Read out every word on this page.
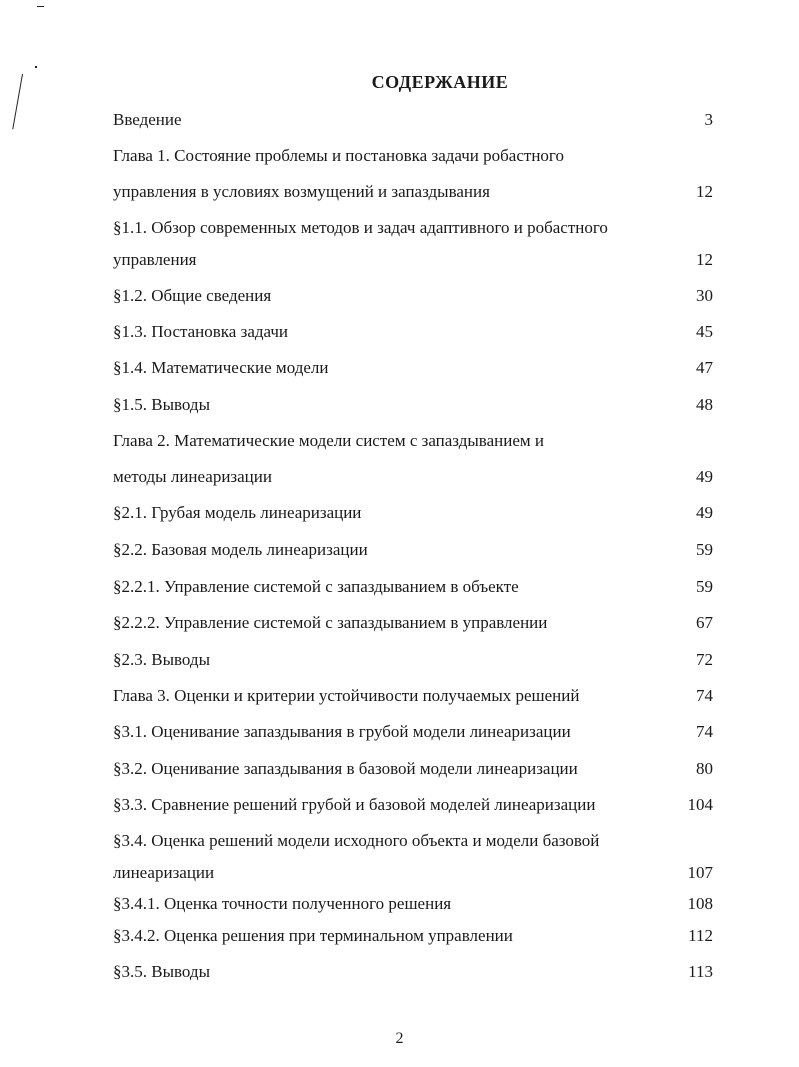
СОДЕРЖАНИЕ
Введение	3
Глава 1. Состояние проблемы и постановка задачи робастного
управления в условиях возмущений и запаздывания	12
§1.1. Обзор современных методов и задач адаптивного и робастного
управления	12
§1.2. Общие сведения	30
§1.3. Постановка задачи	45
§1.4. Математические модели	47
§1.5. Выводы	48
Глава 2. Математические модели систем с запаздыванием и
методы линеаризации	49
§2.1. Грубая модель линеаризации	49
§2.2. Базовая модель линеаризации	59
§2.2.1. Управление системой с запаздыванием в объекте	59
§2.2.2. Управление системой с запаздыванием в управлении	67
§2.3. Выводы	72
Глава 3. Оценки и критерии устойчивости получаемых решений	74
§3.1. Оценивание запаздывания в грубой модели линеаризации	74
§3.2. Оценивание запаздывания в базовой модели линеаризации	80
§3.3. Сравнение решений грубой и базовой моделей линеаризации	104
§3.4. Оценка решений модели исходного объекта и модели базовой
линеаризации	107
§3.4.1. Оценка точности полученного решения	108
§3.4.2. Оценка решения при терминальном управлении	112
§3.5. Выводы	113
2
